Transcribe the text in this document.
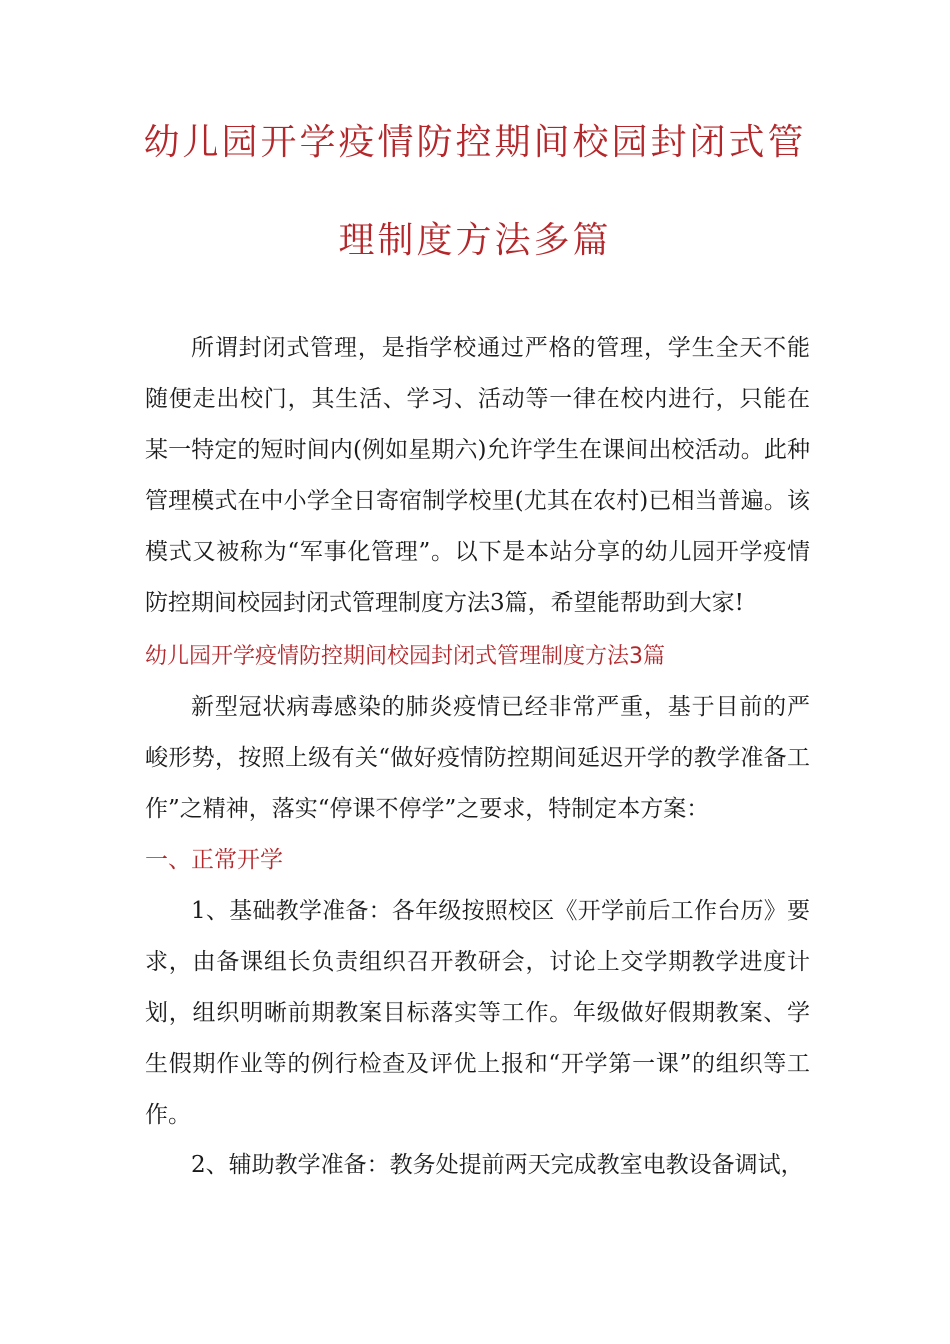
幼儿园开学疫情防控期间校园封闭式管
理制度方法多篇

所谓封闭式管理，是指学校通过严格的管理，学生全天不能随便走出校门，其生活、学习、活动等一律在校内进行，只能在某一特定的短时间内(例如星期六)允许学生在课间出校活动。此种管理模式在中小学全日寄宿制学校里(尤其在农村)已相当普遍。该模式又被称为“军事化管理”。以下是本站分享的幼儿园开学疫情防控期间校园封闭式管理制度方法3篇，希望能帮助到大家!

幼儿园开学疫情防控期间校园封闭式管理制度方法3篇

新型冠状病毒感染的肺炎疫情已经非常严重，基于目前的严峻形势，按照上级有关“做好疫情防控期间延迟开学的教学准备工作”之精神，落实“停课不停学”之要求，特制定本方案：

一、正常开学

1、基础教学准备：各年级按照校区《开学前后工作台历》要求，由备课组长负责组织召开教研会，讨论上交学期教学进度计划，组织明晰前期教案目标落实等工作。年级做好假期教案、学生假期作业等的例行检查及评优上报和“开学第一课”的组织等工作。

2、辅助教学准备：教务处提前两天完成教室电教设备调试，
